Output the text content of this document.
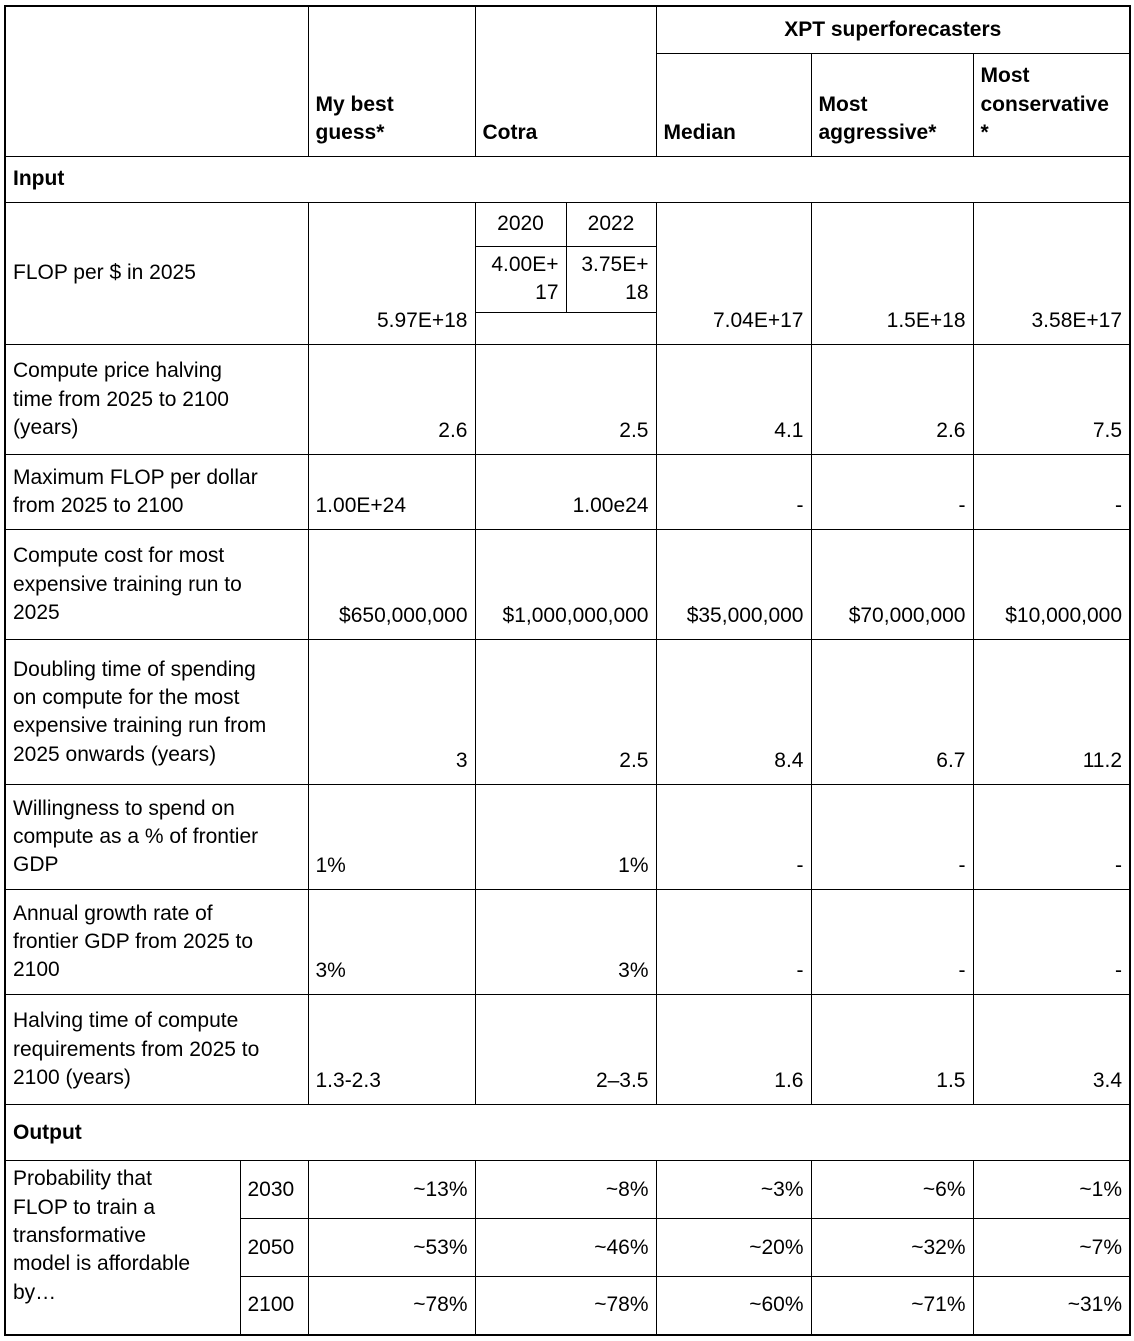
		My best guess*	Cotra		XPT superforecasters		
					Median	Most aggressive*	Most conservative*
Input							
FLOP per $ in 2025		5.97E+18	2020	2022	7.04E+17	1.5E+18	3.58E+17
			4.00E+17	3.75E+18			

Compute price halving time from 2025 to 2100 (years)		2.6	2.5		4.1	2.6	7.5
Maximum FLOP per dollar from 2025 to 2100		1.00E+24	1.00e24		-	-	-
Compute cost for most expensive training run to 2025		$650,000,000	$1,000,000,000		$35,000,000	$70,000,000	$10,000,000
Doubling time of spending on compute for the most expensive training run from 2025 onwards (years)		3	2.5		8.4	6.7	11.2
Willingness to spend on compute as a % of frontier GDP		1%	1%		-	-	-
Annual growth rate of frontier GDP from 2025 to 2100		3%	3%		-	-	-
Halving time of compute requirements from 2025 to 2100 (years)		1.3-2.3	2–3.5		1.6	1.5	3.4
Output							
Probability that FLOP to train a transformative model is affordable by…	2030	~13%	~8%		~3%	~6%	~1%
	2050	~53%	~46%		~20%	~32%	~7%
	2100	~78%	~78%		~60%	~71%	~31%
